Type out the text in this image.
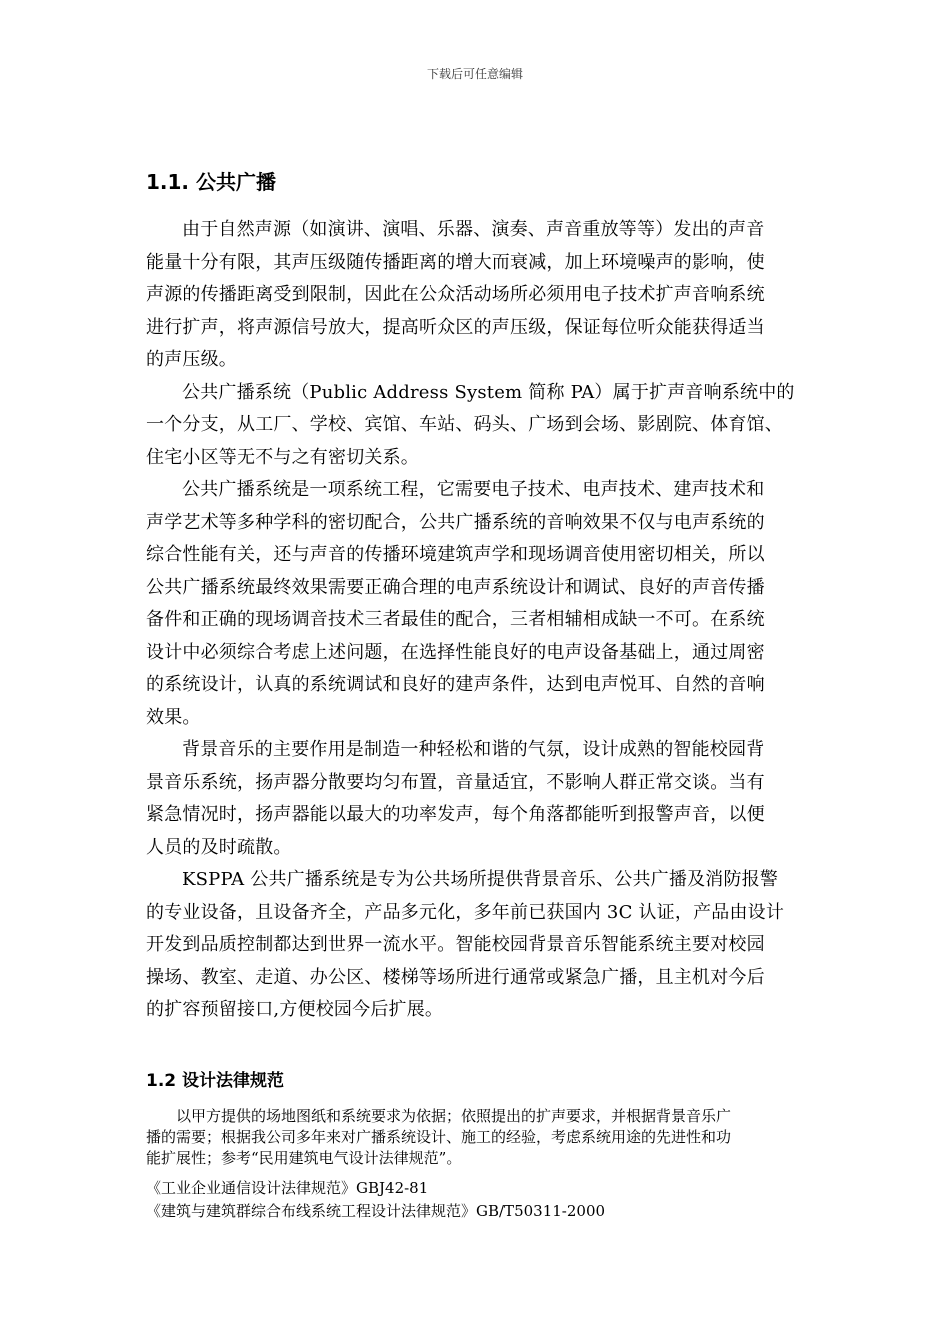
下载后可任意编辑
1.1. 公共广播

由于自然声源（如演讲、演唱、乐器、演奏、声音重放等等）发出的声音
能量十分有限，其声压级随传播距离的增大而衰减，加上环境噪声的影响，使
声源的传播距离受到限制，因此在公众活动场所必须用电子技术扩声音响系统
进行扩声，将声源信号放大，提高听众区的声压级，保证每位听众能获得适当
的声压级。

公共广播系统（Public Address System 简称 PA）属于扩声音响系统中的
一个分支，从工厂、学校、宾馆、车站、码头、广场到会场、影剧院、体育馆、
住宅小区等无不与之有密切关系。

公共广播系统是一项系统工程，它需要电子技术、电声技术、建声技术和
声学艺术等多种学科的密切配合，公共广播系统的音响效果不仅与电声系统的
综合性能有关，还与声音的传播环境建筑声学和现场调音使用密切相关，所以
公共广播系统最终效果需要正确合理的电声系统设计和调试、良好的声音传播
备件和正确的现场调音技术三者最佳的配合，三者相辅相成缺一不可。在系统
设计中必须综合考虑上述问题，在选择性能良好的电声设备基础上，通过周密
的系统设计，认真的系统调试和良好的建声条件，达到电声悦耳、自然的音响
效果。

背景音乐的主要作用是制造一种轻松和谐的气氛，设计成熟的智能校园背
景音乐系统，扬声器分散要均匀布置，音量适宜，不影响人群正常交谈。当有
紧急情况时，扬声器能以最大的功率发声，每个角落都能听到报警声音，以便
人员的及时疏散。

KSPPA 公共广播系统是专为公共场所提供背景音乐、公共广播及消防报警
的专业设备，且设备齐全，产品多元化，多年前已获国内 3C 认证，产品由设计
开发到品质控制都达到世界一流水平。智能校园背景音乐智能系统主要对校园
操场、教室、走道、办公区、楼梯等场所进行通常或紧急广播，且主机对今后
的扩容预留接口,方便校园今后扩展。

1.2 设计法律规范

以甲方提供的场地图纸和系统要求为依据；依照提出的扩声要求，并根据背景音乐广
播的需要；根据我公司多年来对广播系统设计、施工的经验，考虑系统用途的先进性和功
能扩展性；参考“民用建筑电气设计法律规范”。

《工业企业通信设计法律规范》GBJ42-81
《建筑与建筑群综合布线系统工程设计法律规范》GB/T50311-2000
